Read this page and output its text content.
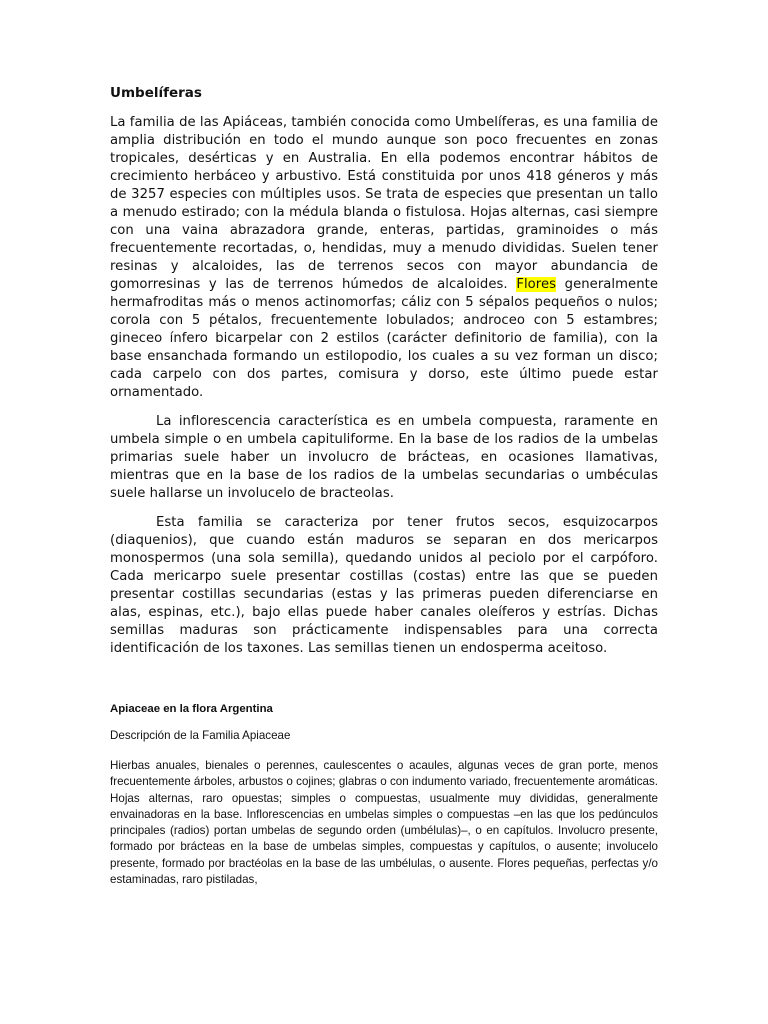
Umbelíferas

La familia de las Apiáceas, también conocida como Umbelíferas, es una familia de amplia distribución en todo el mundo aunque son poco frecuentes en zonas tropicales, desérticas y en Australia. En ella podemos encontrar hábitos de crecimiento herbáceo y arbustivo. Está constituida por unos 418 géneros y más de 3257 especies con múltiples usos. Se trata de especies que presentan un tallo a menudo estirado; con la médula blanda o fistulosa. Hojas alternas, casi siempre con una vaina abrazadora grande, enteras, partidas, graminoides o más frecuentemente recortadas, o, hendidas, muy a menudo divididas. Suelen tener resinas y alcaloides, las de terrenos secos con mayor abundancia de gomorresinas y las de terrenos húmedos de alcaloides. Flores generalmente hermafroditas más o menos actinomorfas; cáliz con 5 sépalos pequeños o nulos; corola con 5 pétalos, frecuentemente lobulados; androceo con 5 estambres; gineceo ínfero bicarpelar con 2 estilos (carácter definitorio de familia), con la base ensanchada formando un estilopodio, los cuales a su vez forman un disco; cada carpelo con dos partes, comisura y dorso, este último puede estar ornamentado.

La inflorescencia característica es en umbela compuesta, raramente en umbela simple o en umbela capituliforme. En la base de los radios de la umbelas primarias suele haber un involucro de brácteas, en ocasiones llamativas, mientras que en la base de los radios de la umbelas secundarias o umbéculas suele hallarse un involucelo de bracteolas.

Esta familia se caracteriza por tener frutos secos, esquizocarpos (diaquenios), que cuando están maduros se separan en dos mericarpos monospermos (una sola semilla), quedando unidos al peciolo por el carpóforo. Cada mericarpo suele presentar costillas (costas) entre las que se pueden presentar costillas secundarias (estas y las primeras pueden diferenciarse en alas, espinas, etc.), bajo ellas puede haber canales oleíferos y estrías. Dichas semillas maduras son prácticamente indispensables para una correcta identificación de los taxones. Las semillas tienen un endosperma aceitoso.

Apiaceae en la flora Argentina
Descripción de la Familia Apiaceae

Hierbas anuales, bienales o perennes, caulescentes o acaules, algunas veces de gran porte, menos frecuentemente árboles, arbustos o cojines; glabras o con indumento variado, frecuentemente aromáticas. Hojas alternas, raro opuestas; simples o compuestas, usualmente muy divididas, generalmente envainadoras en la base. Inflorescencias en umbelas simples o compuestas –en las que los pedúnculos principales (radios) portan umbelas de segundo orden (umbélulas)–, o en capítulos. Involucro presente, formado por brácteas en la base de umbelas simples, compuestas y capítulos, o ausente; involucelo presente, formado por bractéolas en la base de las umbélulas, o ausente. Flores pequeñas, perfectas y/o estaminadas, raro pistiladas,
